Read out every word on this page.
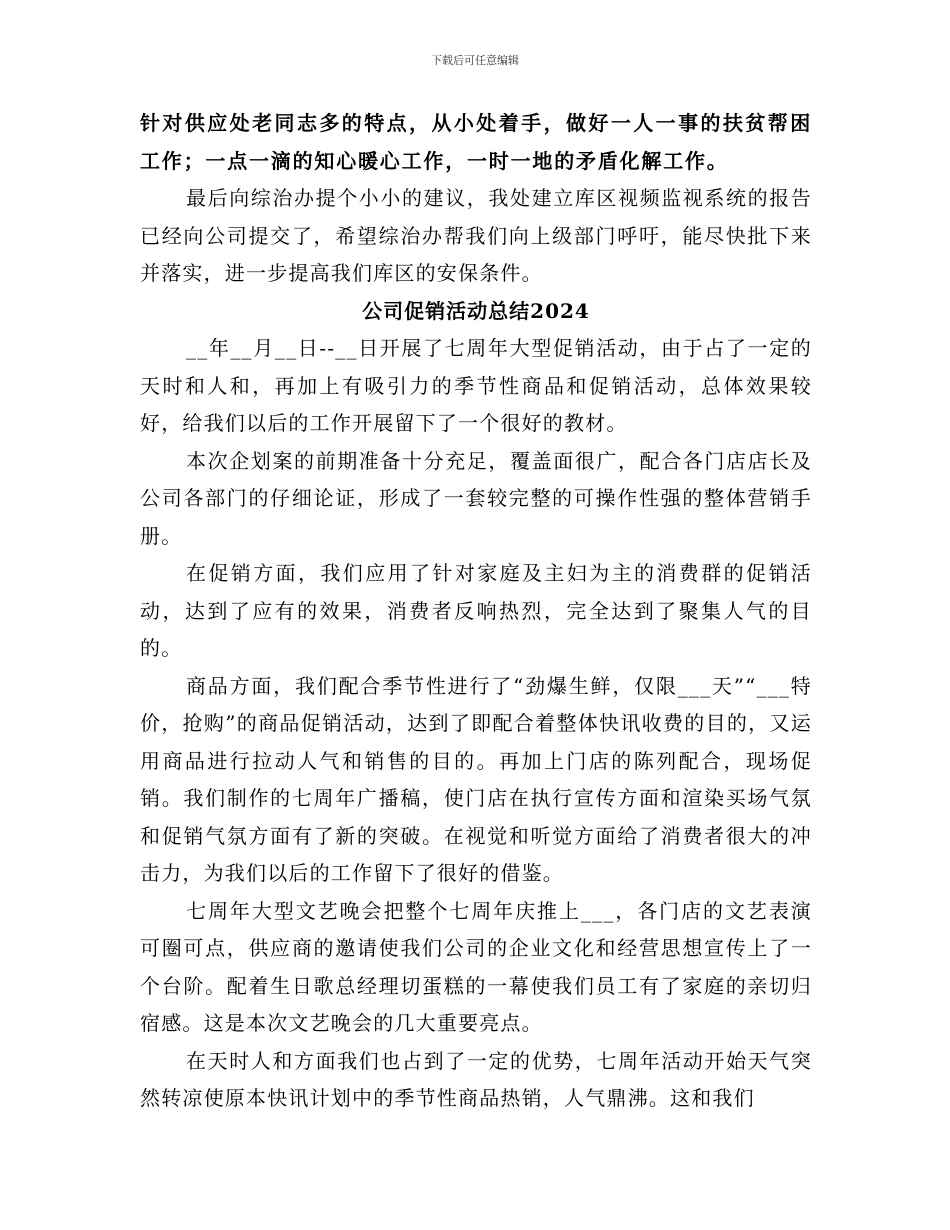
下载后可任意编辑

针对供应处老同志多的特点，从小处着手，做好一人一事的扶贫帮困工作；一点一滴的知心暖心工作，一时一地的矛盾化解工作。

最后向综治办提个小小的建议，我处建立库区视频监视系统的报告已经向公司提交了，希望综治办帮我们向上级部门呼吁，能尽快批下来并落实，进一步提高我们库区的安保条件。

公司促销活动总结2024

__年__月__日--__日开展了七周年大型促销活动，由于占了一定的天时和人和，再加上有吸引力的季节性商品和促销活动，总体效果较好，给我们以后的工作开展留下了一个很好的教材。

本次企划案的前期准备十分充足，覆盖面很广，配合各门店店长及公司各部门的仔细论证，形成了一套较完整的可操作性强的整体营销手册。

在促销方面，我们应用了针对家庭及主妇为主的消费群的促销活动，达到了应有的效果，消费者反响热烈，完全达到了聚集人气的目的。

商品方面，我们配合季节性进行了“劲爆生鲜，仅限___天”“___特价，抢购”的商品促销活动，达到了即配合着整体快讯收费的目的，又运用商品进行拉动人气和销售的目的。再加上门店的陈列配合，现场促销。我们制作的七周年广播稿，使门店在执行宣传方面和渲染买场气氛和促销气氛方面有了新的突破。在视觉和听觉方面给了消费者很大的冲击力，为我们以后的工作留下了很好的借鉴。

七周年大型文艺晚会把整个七周年庆推上___，各门店的文艺表演可圈可点，供应商的邀请使我们公司的企业文化和经营思想宣传上了一个台阶。配着生日歌总经理切蛋糕的一幕使我们员工有了家庭的亲切归宿感。这是本次文艺晚会的几大重要亮点。

在天时人和方面我们也占到了一定的优势，七周年活动开始天气突然转凉使原本快讯计划中的季节性商品热销，人气鼎沸。这和我们
